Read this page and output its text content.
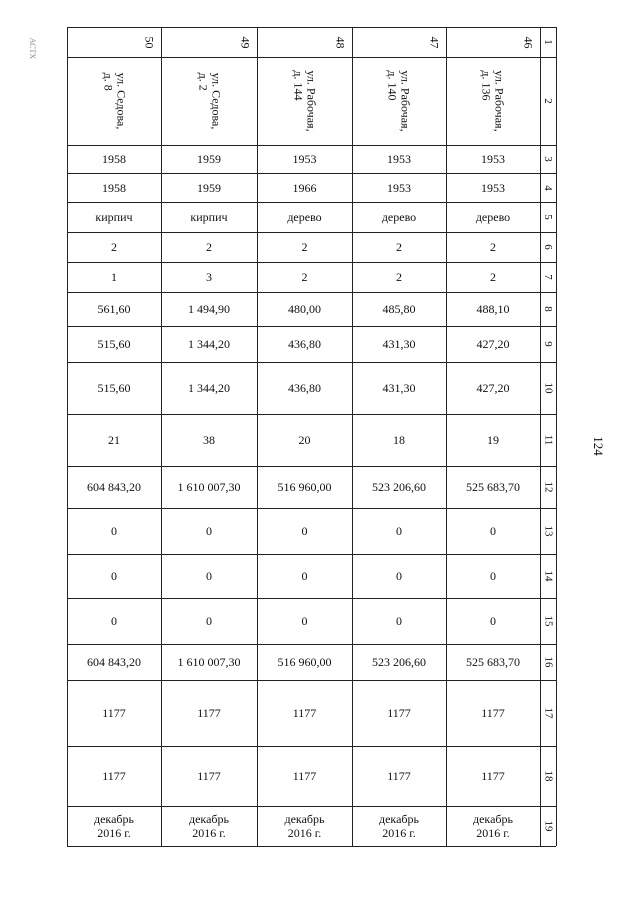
АСТХ	50
ул. Седова,
д. 8
1958
1958
кирпич
2
1
561,60
515,60
515,60
21
604 843,20
0
0
0
604 843,20
1177
1177
декабрь
2016 г.
49
ул. Седова,
д. 2
1959
1959
кирпич
2
3
1 494,90
1 344,20
1 344,20
38
1 610 007,30
0
0
0
1 610 007,30
1177
1177
декабрь
2016 г.
48
ул. Рабочая,
д. 144
1953
1966
дерево
2
2
480,00
436,80
436,80
20
516 960,00
0
0
0
516 960,00
1177
1177
декабрь
2016 г.
47
ул. Рабочая,
д. 140
1953
1953
дерево
2
2
485,80
431,30
431,30
18
523 206,60
0
0
0
523 206,60
1177
1177
декабрь
2016 г.
46
ул. Рабочая,
д. 136
1953
1953
дерево
2
2
488,10
427,20
427,20
19
525 683,70
0
0
0
525 683,70
1177
1177
декабрь
2016 г.
1
2
3
4
5
6
7
8
9
10
11
12
13
14
15
16
17
18
19
124
